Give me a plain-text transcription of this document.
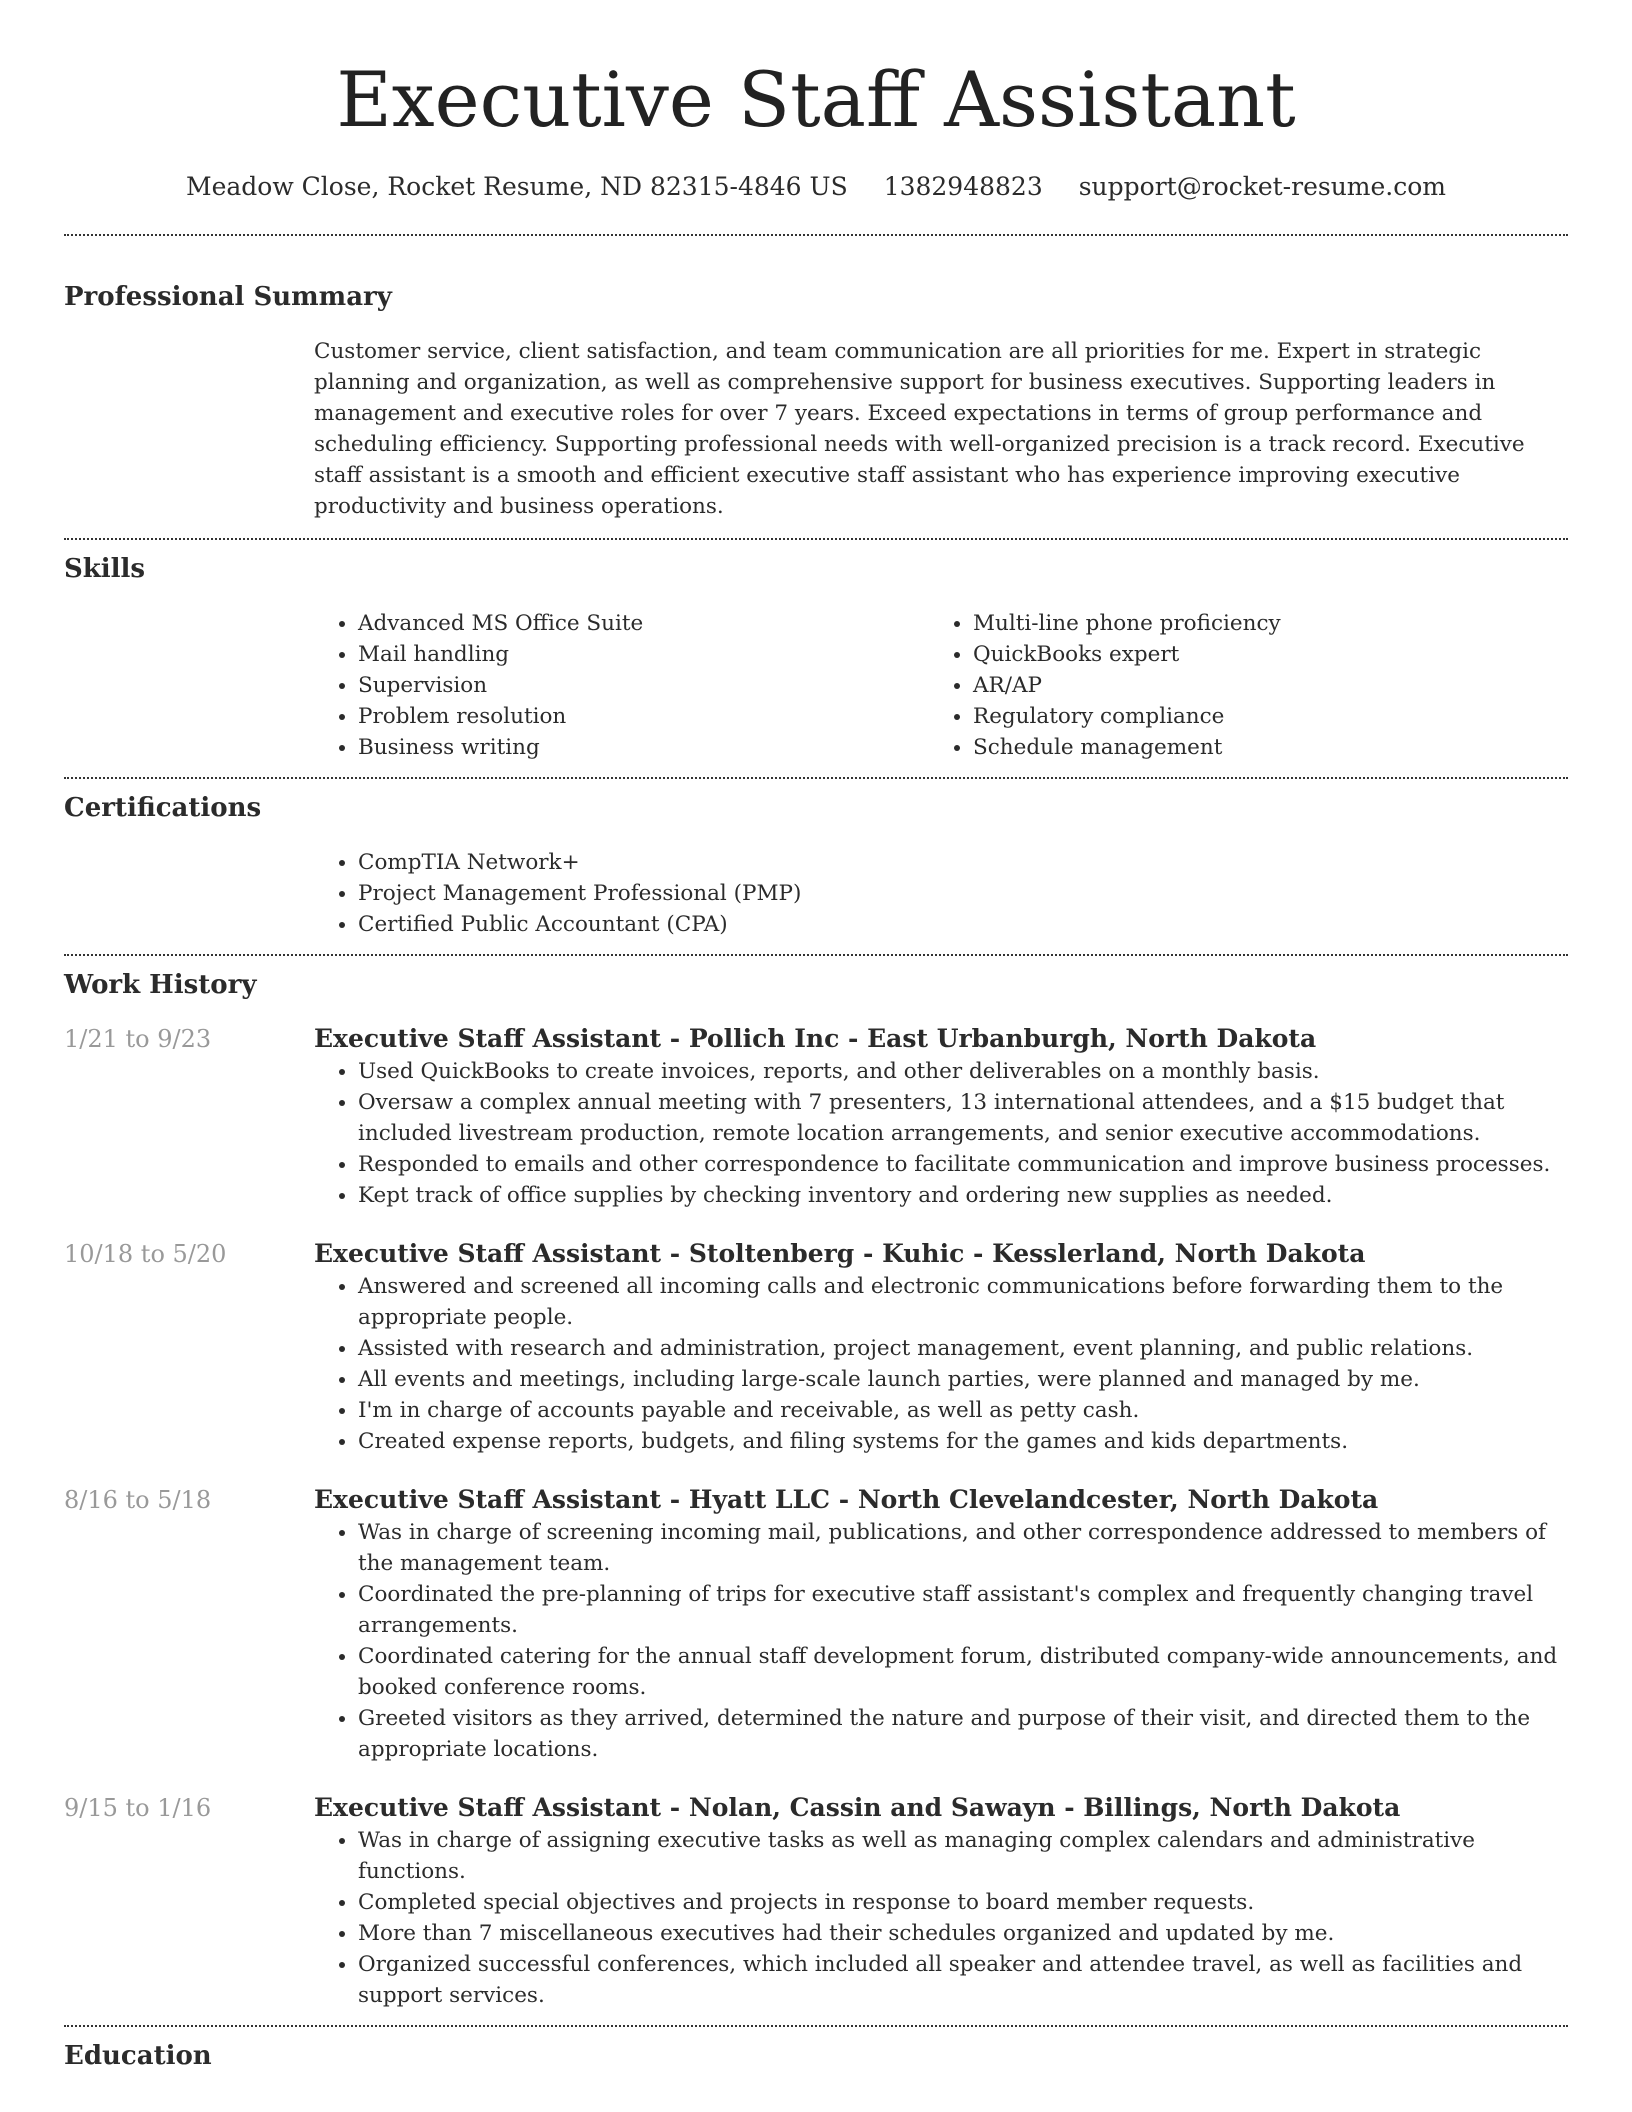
Executive Staff Assistant
Meadow Close, Rocket Resume, ND 82315-4846 US 1382948823 support@rocket-resume.com
Professional Summary
Customer service, client satisfaction, and team communication are all priorities for me. Expert in strategic planning and organization, as well as comprehensive support for business executives. Supporting leaders in management and executive roles for over 7 years. Exceed expectations in terms of group performance and scheduling efficiency. Supporting professional needs with well-organized precision is a track record. Executive staff assistant is a smooth and efficient executive staff assistant who has experience improving executive productivity and business operations.
Skills
• Advanced MS Office Suite
• Mail handling
• Supervision
• Problem resolution
• Business writing
• Multi-line phone proficiency
• QuickBooks expert
• AR/AP
• Regulatory compliance
• Schedule management
Certifications
• CompTIA Network+
• Project Management Professional (PMP)
• Certified Public Accountant (CPA)
Work History
1/21 to 9/23	Executive Staff Assistant - Pollich Inc - East Urbanburgh, North Dakota
• Used QuickBooks to create invoices, reports, and other deliverables on a monthly basis.
• Oversaw a complex annual meeting with 7 presenters, 13 international attendees, and a $15 budget that included livestream production, remote location arrangements, and senior executive accommodations.
• Responded to emails and other correspondence to facilitate communication and improve business processes.
• Kept track of office supplies by checking inventory and ordering new supplies as needed.
10/18 to 5/20	Executive Staff Assistant - Stoltenberg - Kuhic - Kesslerland, North Dakota
• Answered and screened all incoming calls and electronic communications before forwarding them to the appropriate people.
• Assisted with research and administration, project management, event planning, and public relations.
• All events and meetings, including large-scale launch parties, were planned and managed by me.
• I'm in charge of accounts payable and receivable, as well as petty cash.
• Created expense reports, budgets, and filing systems for the games and kids departments.
8/16 to 5/18	Executive Staff Assistant - Hyatt LLC - North Clevelandcester, North Dakota
• Was in charge of screening incoming mail, publications, and other correspondence addressed to members of the management team.
• Coordinated the pre-planning of trips for executive staff assistant's complex and frequently changing travel arrangements.
• Coordinated catering for the annual staff development forum, distributed company-wide announcements, and booked conference rooms.
• Greeted visitors as they arrived, determined the nature and purpose of their visit, and directed them to the appropriate locations.
9/15 to 1/16	Executive Staff Assistant - Nolan, Cassin and Sawayn - Billings, North Dakota
• Was in charge of assigning executive tasks as well as managing complex calendars and administrative functions.
• Completed special objectives and projects in response to board member requests.
• More than 7 miscellaneous executives had their schedules organized and updated by me.
• Organized successful conferences, which included all speaker and attendee travel, as well as facilities and support services.
Education
